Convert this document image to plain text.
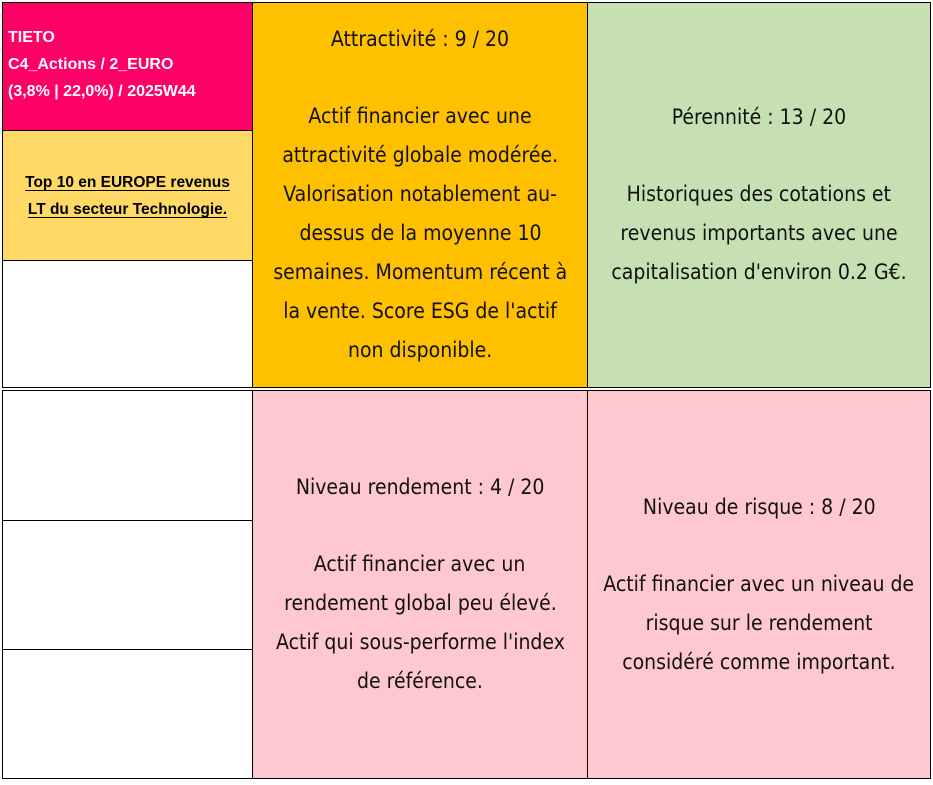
TIETO
C4_Actions / 2_EURO
(3,8% | 22,0%) / 2025W44
Top 10 en EUROPE revenus
LT du secteur Technologie.
Attractivité : 9 / 20
Actif financier avec une
attractivité globale modérée.
Valorisation notablement au-
dessus de la moyenne 10
semaines. Momentum récent à
la vente. Score ESG de l'actif
non disponible.
Pérennité : 13 / 20
Historiques des cotations et
revenus importants avec une
capitalisation d'environ 0.2 G€.
Niveau rendement : 4 / 20
Actif financier avec un
rendement global peu élevé.
Actif qui sous-performe l'index
de référence.
Niveau de risque : 8 / 20
Actif financier avec un niveau de
risque sur le rendement
considéré comme important.
